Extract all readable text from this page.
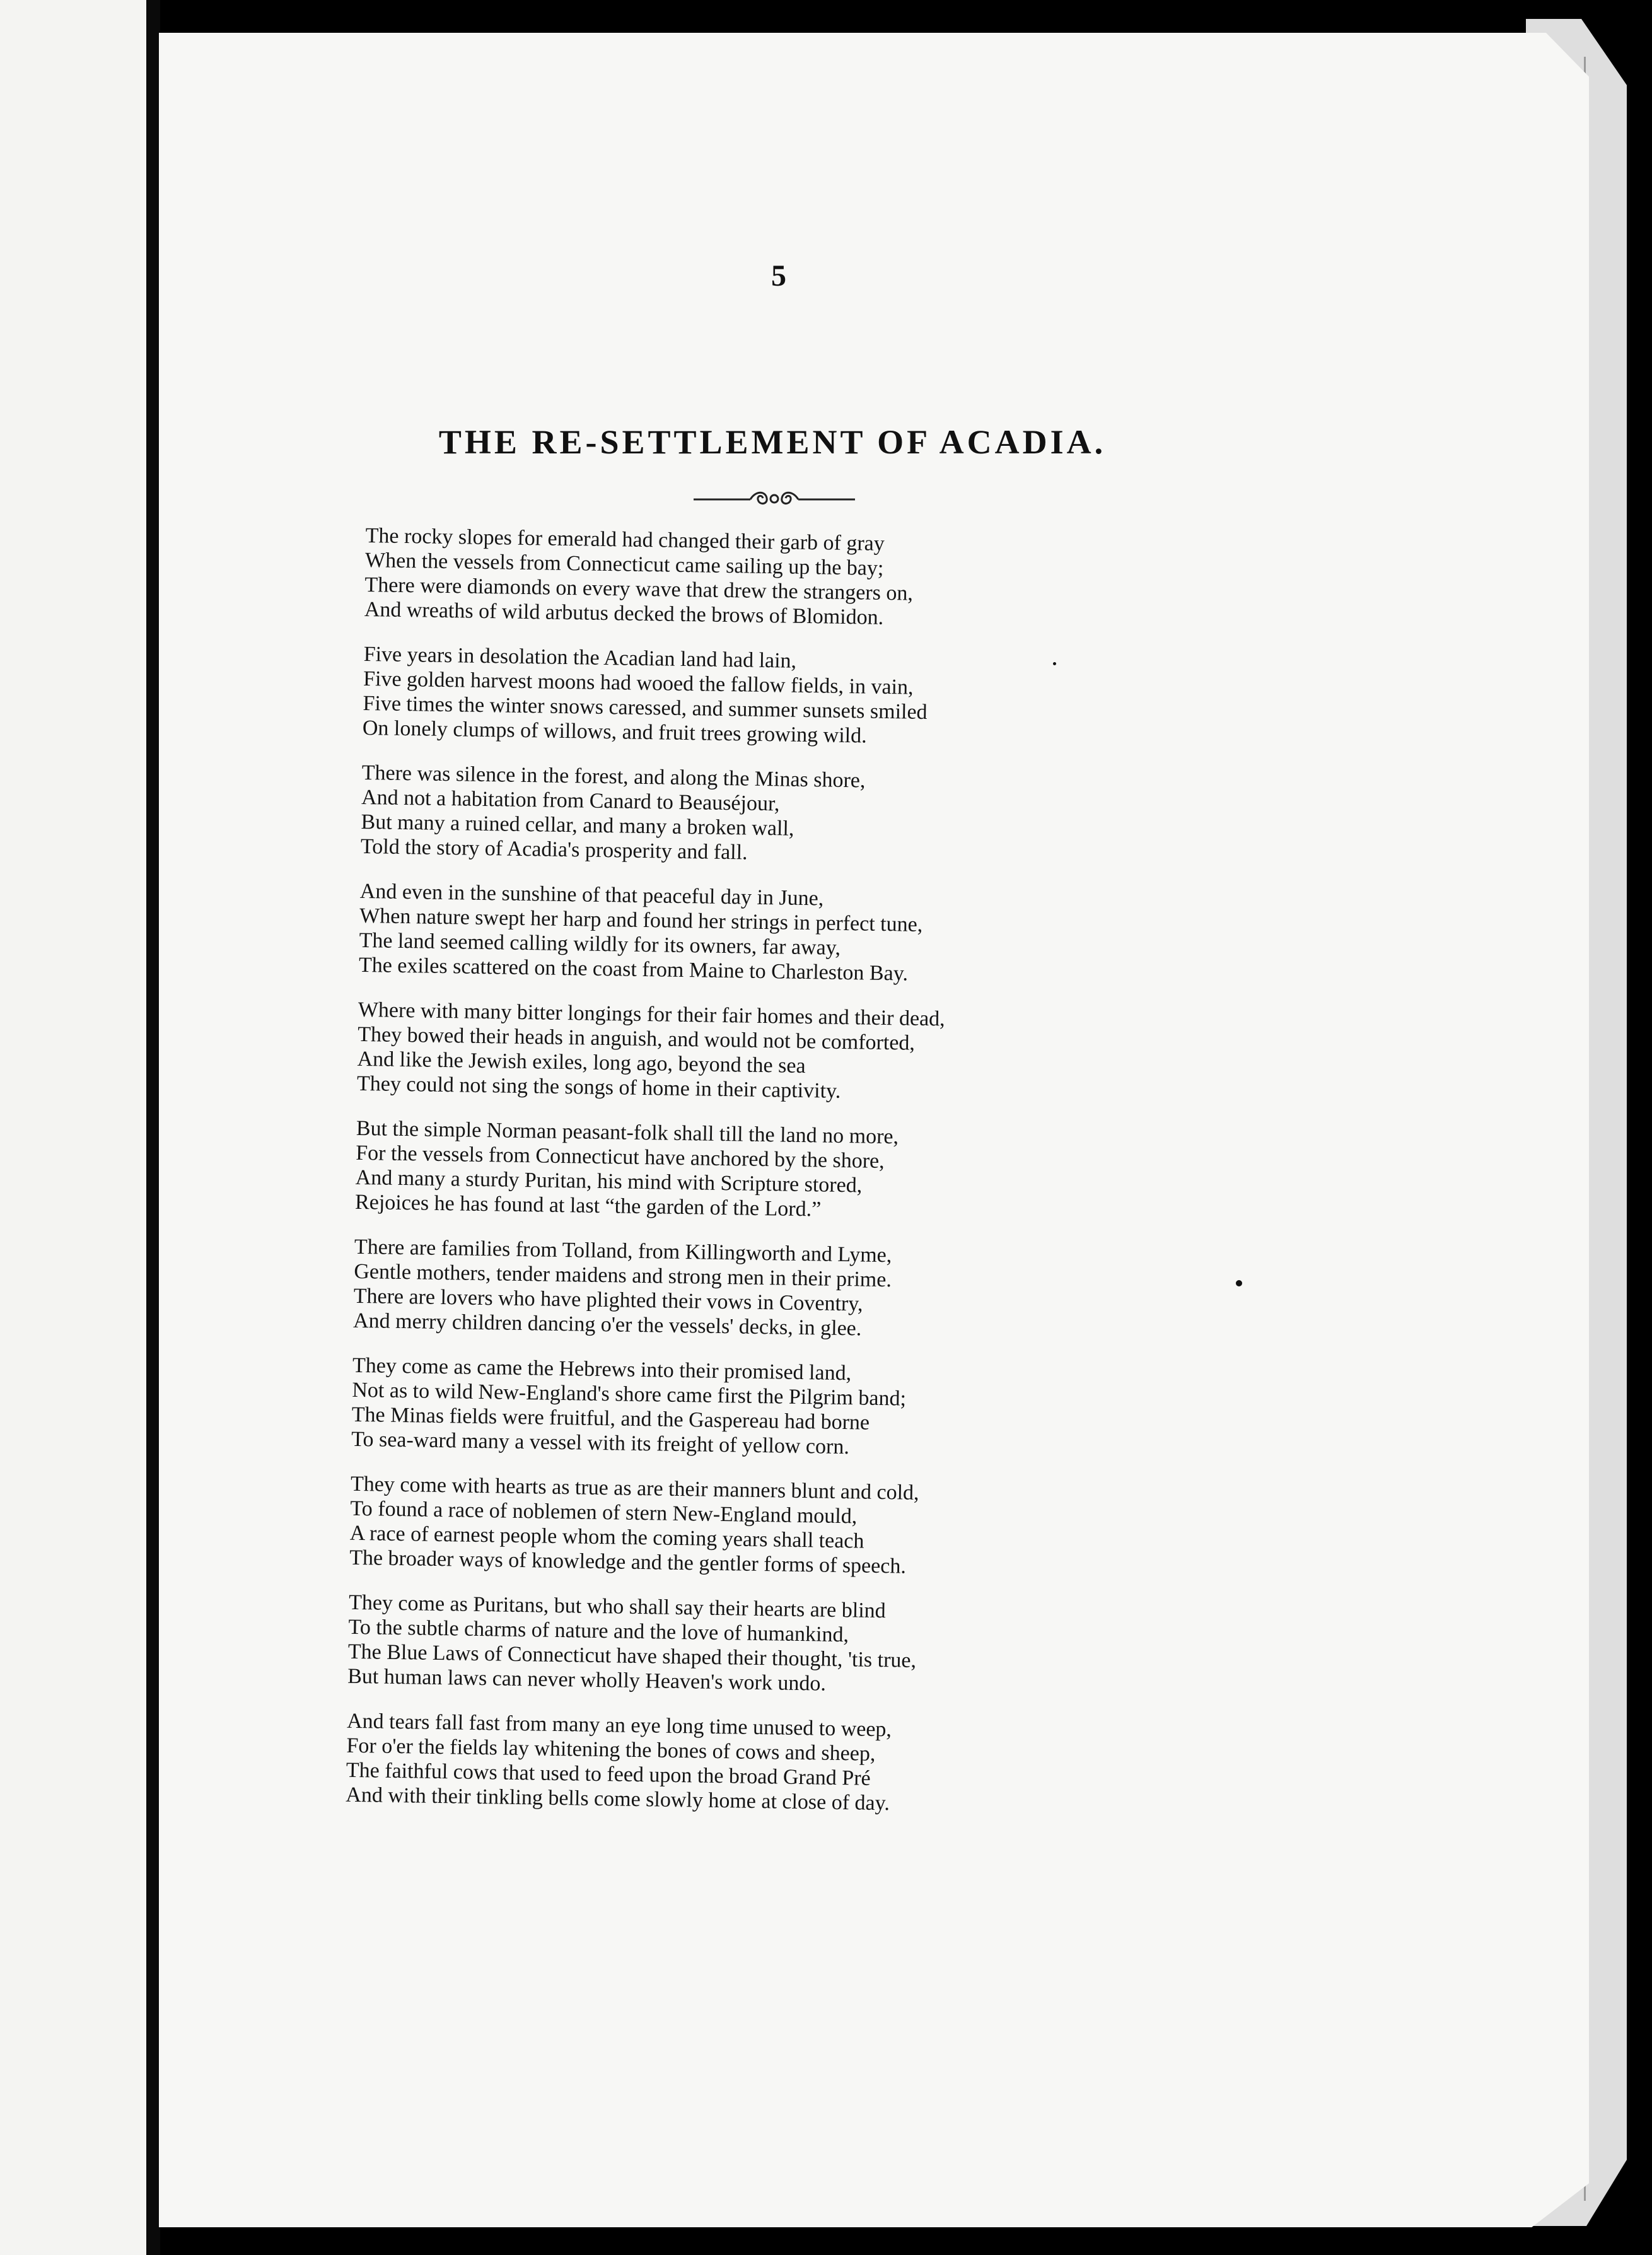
5
THE RE-SETTLEMENT OF ACADIA.
The rocky slopes for emerald had changed their garb of gray
When the vessels from Connecticut came sailing up the bay;
There were diamonds on every wave that drew the strangers on,
And wreaths of wild arbutus decked the brows of Blomidon.
Five years in desolation the Acadian land had lain,
Five golden harvest moons had wooed the fallow fields, in vain,
Five times the winter snows caressed, and summer sunsets smiled
On lonely clumps of willows, and fruit trees growing wild.
There was silence in the forest, and along the Minas shore,
And not a habitation from Canard to Beauséjour,
But many a ruined cellar, and many a broken wall,
Told the story of Acadia's prosperity and fall.
And even in the sunshine of that peaceful day in June,
When nature swept her harp and found her strings in perfect tune,
The land seemed calling wildly for its owners, far away,
The exiles scattered on the coast from Maine to Charleston Bay.
Where with many bitter longings for their fair homes and their dead,
They bowed their heads in anguish, and would not be comforted,
And like the Jewish exiles, long ago, beyond the sea
They could not sing the songs of home in their captivity.
But the simple Norman peasant-folk shall till the land no more,
For the vessels from Connecticut have anchored by the shore,
And many a sturdy Puritan, his mind with Scripture stored,
Rejoices he has found at last “the garden of the Lord.”
There are families from Tolland, from Killingworth and Lyme,
Gentle mothers, tender maidens and strong men in their prime.
There are lovers who have plighted their vows in Coventry,
And merry children dancing o'er the vessels' decks, in glee.
They come as came the Hebrews into their promised land,
Not as to wild New-England's shore came first the Pilgrim band;
The Minas fields were fruitful, and the Gaspereau had borne
To sea-ward many a vessel with its freight of yellow corn.
They come with hearts as true as are their manners blunt and cold,
To found a race of noblemen of stern New-England mould,
A race of earnest people whom the coming years shall teach
The broader ways of knowledge and the gentler forms of speech.
They come as Puritans, but who shall say their hearts are blind
To the subtle charms of nature and the love of humankind,
The Blue Laws of Connecticut have shaped their thought, 'tis true,
But human laws can never wholly Heaven's work undo.
And tears fall fast from many an eye long time unused to weep,
For o'er the fields lay whitening the bones of cows and sheep,
The faithful cows that used to feed upon the broad Grand Pré
And with their tinkling bells come slowly home at close of day.
